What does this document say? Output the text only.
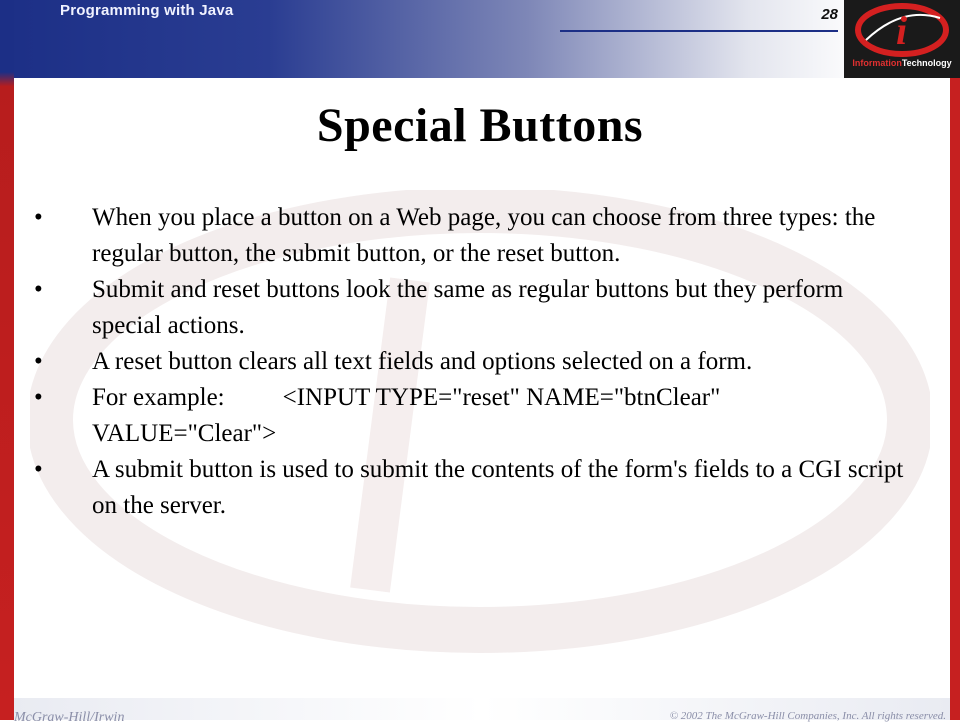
Programming with Java	28 i
InformationTechnology
Special Buttons
• When you place a button on a Web page, you can choose from three types: the regular button, the submit button, or the reset button.
• Submit and reset buttons look the same as regular buttons but they perform special actions.
• A reset button clears all text fields and options selected on a form.
• For example: <INPUT TYPE="reset" NAME="btnClear" VALUE="Clear">
• A submit button is used to submit the contents of the form's fields to a CGI script on the server.
McGraw-Hill/Irwin	© 2002 The McGraw-Hill Companies, Inc. All rights reserved.
